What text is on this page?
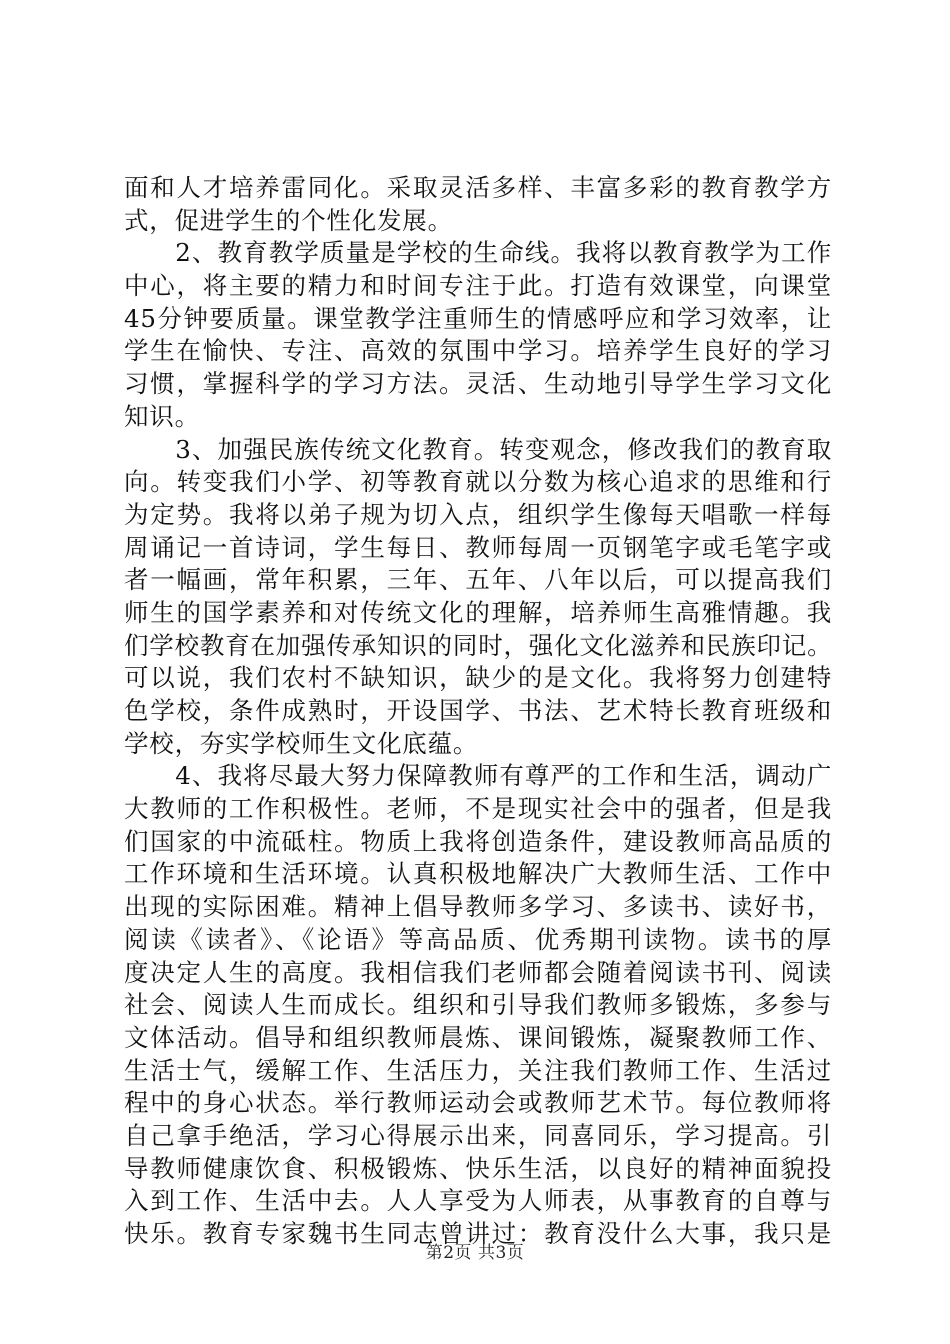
面和人才培养雷同化。采取灵活多样、丰富多彩的教育教学方
式，促进学生的个性化发展。
　　2、教育教学质量是学校的生命线。我将以教育教学为工作
中心，将主要的精力和时间专注于此。打造有效课堂，向课堂
45分钟要质量。课堂教学注重师生的情感呼应和学习效率，让
学生在愉快、专注、高效的氛围中学习。培养学生良好的学习
习惯，掌握科学的学习方法。灵活、生动地引导学生学习文化
知识。
　　3、加强民族传统文化教育。转变观念，修改我们的教育取
向。转变我们小学、初等教育就以分数为核心追求的思维和行
为定势。我将以弟子规为切入点，组织学生像每天唱歌一样每
周诵记一首诗词，学生每日、教师每周一页钢笔字或毛笔字或
者一幅画，常年积累，三年、五年、八年以后，可以提高我们
师生的国学素养和对传统文化的理解，培养师生高雅情趣。我
们学校教育在加强传承知识的同时，强化文化滋养和民族印记。
可以说，我们农村不缺知识，缺少的是文化。我将努力创建特
色学校，条件成熟时，开设国学、书法、艺术特长教育班级和
学校，夯实学校师生文化底蕴。
　　4、我将尽最大努力保障教师有尊严的工作和生活，调动广
大教师的工作积极性。老师，不是现实社会中的强者，但是我
们国家的中流砥柱。物质上我将创造条件，建设教师高品质的
工作环境和生活环境。认真积极地解决广大教师生活、工作中
出现的实际困难。精神上倡导教师多学习、多读书、读好书，
阅读《读者》、《论语》等高品质、优秀期刊读物。读书的厚
度决定人生的高度。我相信我们老师都会随着阅读书刊、阅读
社会、阅读人生而成长。组织和引导我们教师多锻炼，多参与
文体活动。倡导和组织教师晨炼、课间锻炼，凝聚教师工作、
生活士气，缓解工作、生活压力，关注我们教师工作、生活过
程中的身心状态。举行教师运动会或教师艺术节。每位教师将
自己拿手绝活，学习心得展示出来，同喜同乐，学习提高。引
导教师健康饮食、积极锻炼、快乐生活，以良好的精神面貌投
入到工作、生活中去。人人享受为人师表，从事教育的自尊与
快乐。教育专家魏书生同志曾讲过：教育没什么大事，我只是
第2页 共3页
